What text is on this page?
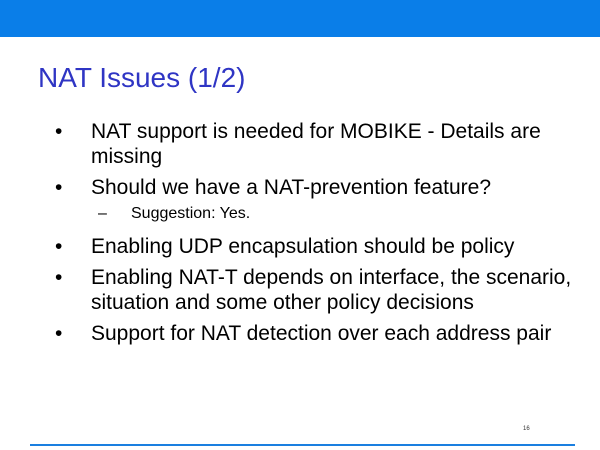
NAT Issues (1/2)
• NAT support is needed for MOBIKE - Details are missing
• Should we have a NAT-prevention feature?
– Suggestion: Yes.
• Enabling UDP encapsulation should be policy
• Enabling NAT-T depends on interface, the scenario, situation and some other policy decisions
• Support for NAT detection over each address pair
16
